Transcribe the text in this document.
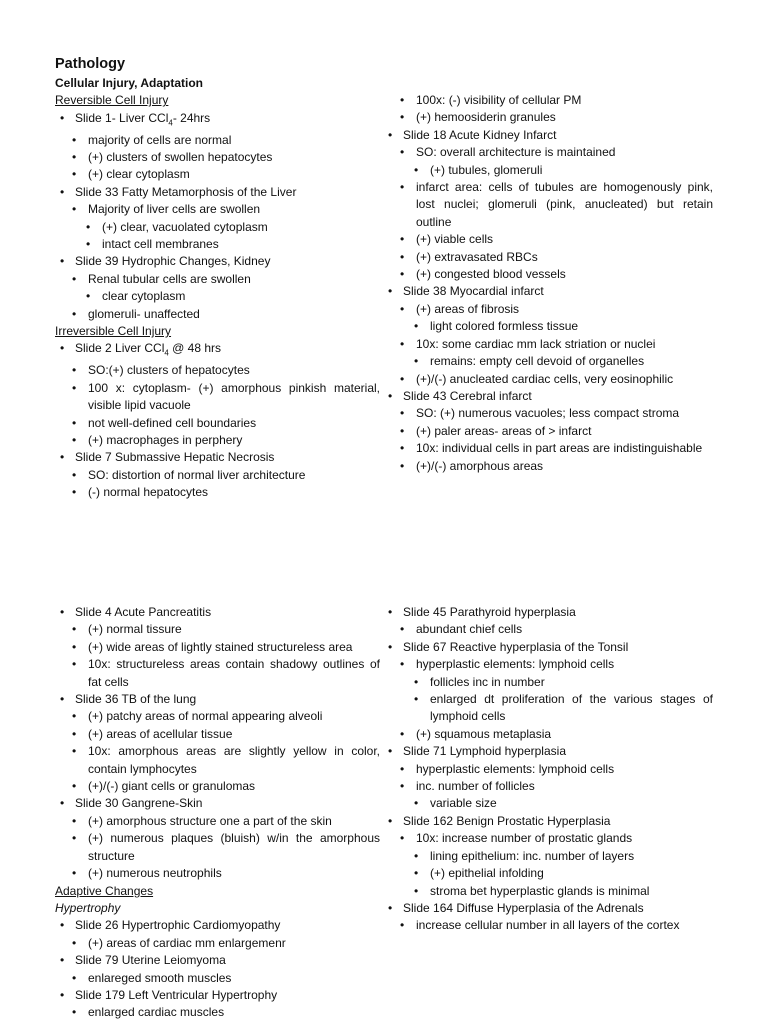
Pathology
Cellular Injury, Adaptation
Reversible Cell Injury
• Slide 1- Liver CCl$_4$- 24hrs
• majority of cells are normal
• (+) clusters of swollen hepatocytes
• (+) clear cytoplasm
• Slide 33 Fatty Metamorphosis of the Liver
• Majority of liver cells are swollen
• (+) clear, vacuolated cytoplasm
• intact cell membranes
• Slide 39 Hydrophic Changes, Kidney
• Renal tubular cells are swollen
• clear cytoplasm
• glomeruli- unaffected
Irreversible Cell Injury
• Slide 2 Liver CCl$_4$ @ 48 hrs
• SO:(+) clusters of hepatocytes
• 100 x: cytoplasm- (+) amorphous pinkish material, visible lipid vacuole
• not well-defined cell boundaries
• (+) macrophages in perphery
• Slide 7 Submassive Hepatic Necrosis
• SO: distortion of normal liver architecture
• (-) normal hepatocytes
• 100x: (-) visibility of cellular PM
• (+) hemoosiderin granules
• Slide 18 Acute Kidney Infarct
• SO: overall architecture is maintained
• (+) tubules, glomeruli
• infarct area: cells of tubules are homogenously pink, lost nuclei; glomeruli (pink, anucleated) but retain outline
• (+) viable cells
• (+) extravasated RBCs
• (+) congested blood vessels
• Slide 38 Myocardial infarct
• (+) areas of fibrosis
• light colored formless tissue
• 10x: some cardiac mm lack striation or nuclei
• remains: empty cell devoid of organelles
• (+)/(-) anucleated cardiac cells, very eosinophilic
• Slide 43 Cerebral infarct
• SO: (+) numerous vacuoles; less compact stroma
• (+) paler areas- areas of > infarct
• 10x: individual cells in part areas are indistinguishable
• (+)/(-) amorphous areas
• Slide 4 Acute Pancreatitis
• (+) normal tissure
• (+) wide areas of lightly stained structureless area
• 10x: structureless areas contain shadowy outlines of fat cells
• Slide 36 TB of the lung
• (+) patchy areas of normal appearing alveoli
• (+) areas of acellular tissue
• 10x: amorphous areas are slightly yellow in color, contain lymphocytes
• (+)/(-) giant cells or granulomas
• Slide 30 Gangrene-Skin
• (+) amorphous structure one a part of the skin
• (+) numerous plaques (bluish) w/in the amorphous structure
• (+) numerous neutrophils
Adaptive Changes
Hypertrophy
• Slide 26 Hypertrophic Cardiomyopathy
• (+) areas of cardiac mm enlargemenr
• Slide 79 Uterine Leiomyoma
• enlareged smooth muscles
• Slide 179 Left Ventricular Hypertrophy
• enlarged cardiac muscles
• Slide 45 Parathyroid hyperplasia
• abundant chief cells
• Slide 67 Reactive hyperplasia of the Tonsil
• hyperplastic elements: lymphoid cells
• follicles inc in number
• enlarged dt proliferation of the various stages of lymphoid cells
• (+) squamous metaplasia
• Slide 71 Lymphoid hyperplasia
• hyperplastic elements: lymphoid cells
• inc. number of follicles
• variable size
• Slide 162 Benign Prostatic Hyperplasia
• 10x: increase number of prostatic glands
• lining epithelium: inc. number of layers
• (+) epithelial infolding
• stroma bet hyperplastic glands is minimal
• Slide 164 Diffuse Hyperplasia of the Adrenals
• increase cellular number in all layers of the cortex
